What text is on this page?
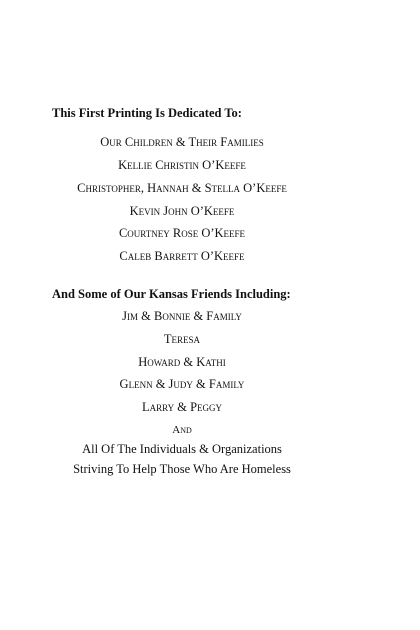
This First Printing Is Dedicated To:
Our Children & Their Families
Kellie Christin O’Keefe
Christopher, Hannah & Stella O’Keefe
Kevin John O’Keefe
Courtney Rose O’Keefe
Caleb Barrett O’Keefe
And Some of Our Kansas Friends Including:
Jim & Bonnie & Family
Teresa
Howard & Kathi
Glenn & Judy & Family
Larry & Peggy
And
All Of The Individuals & Organizations
Striving To Help Those Who Are Homeless
